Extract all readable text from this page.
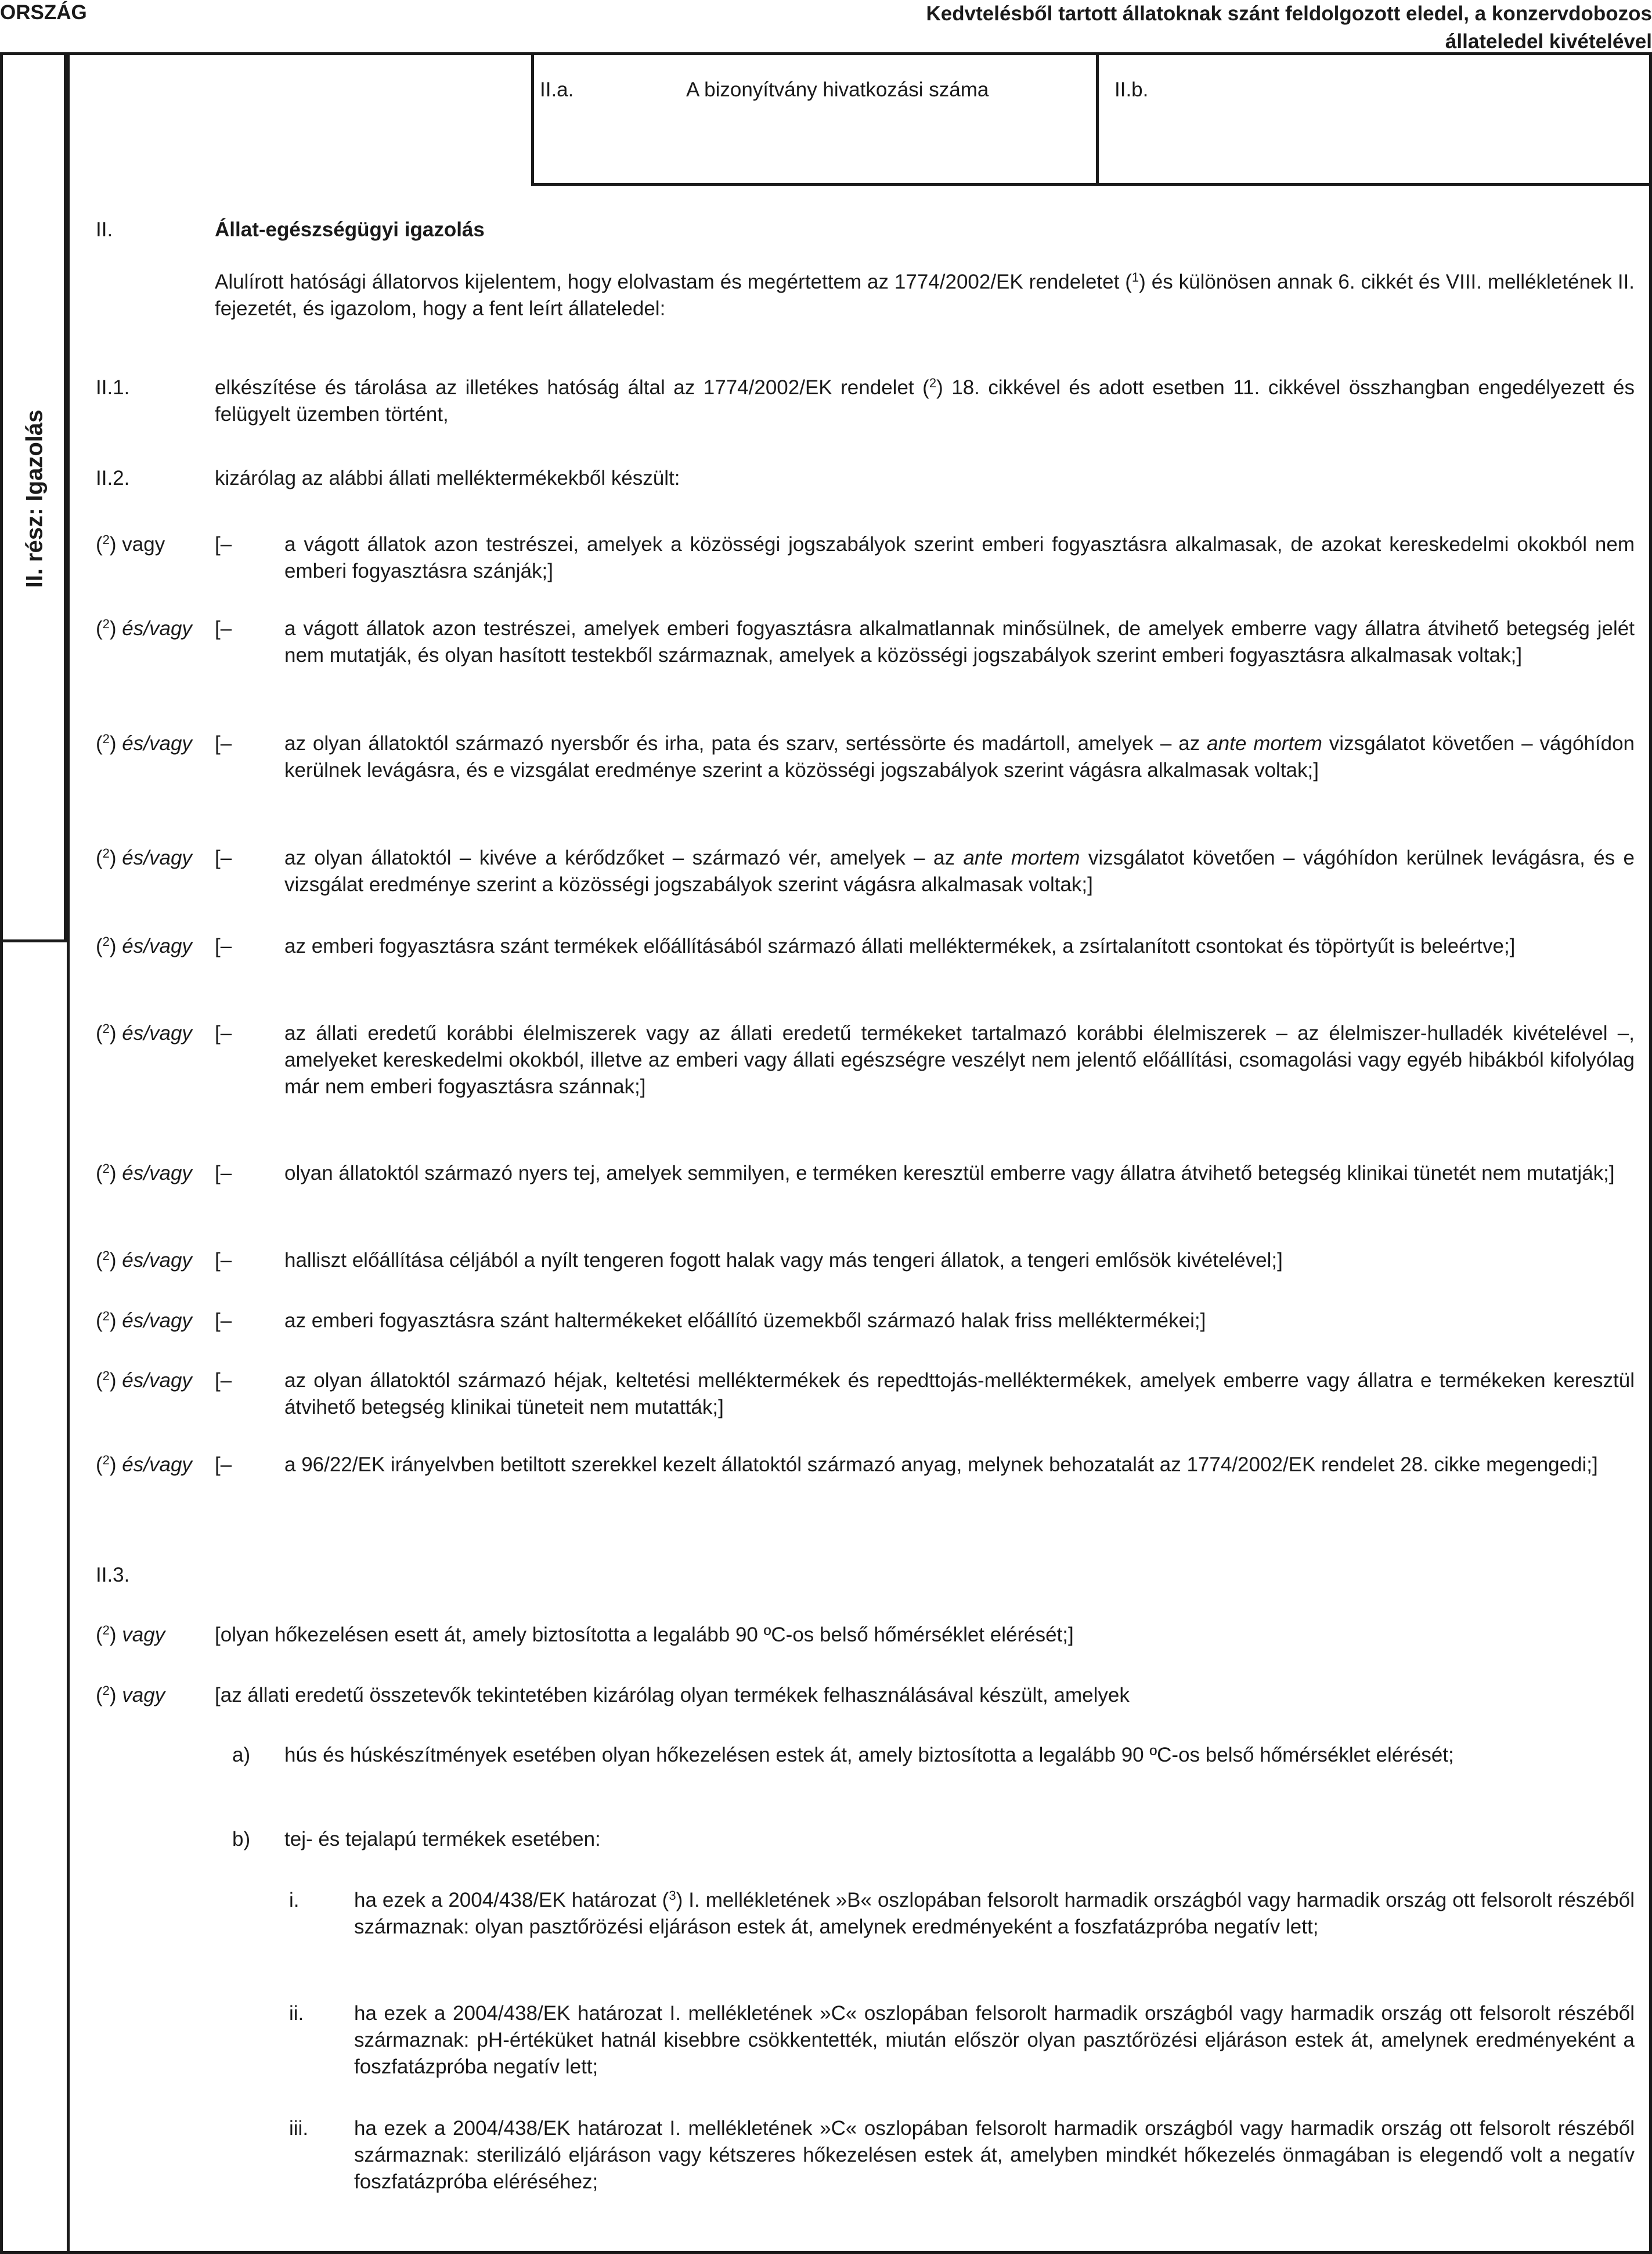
ORSZÁG	Kedvtelésből tartott állatoknak szánt feldolgozott eledel, a konzervdobozos
állateledel kivételével
II. rész: Igazolás
II.a.	A bizonyítvány hivatkozási száma	II.b.
II.	Állat-egészségügyi igazolás
Alulírott hatósági állatorvos kijelentem, hogy elolvastam és megértettem az 1774/2002/EK rendeletet ($^1$) és különösen annak 6. cikkét és VIII. mellékletének II. fejezetét, és igazolom, hogy a fent leírt állateledel:
II.1.	elkészítése és tárolása az illetékes hatóság által az 1774/2002/EK rendelet ($^2$) 18. cikkével és adott esetben 11. cikkével összhangban engedélyezett és felügyelt üzemben történt,
II.2.	kizárólag az alábbi állati melléktermékekből készült:
($^2$) vagy [–	a vágott állatok azon testrészei, amelyek a közösségi jogszabályok szerint emberi fogyasztásra alkalmasak, de azokat kereskedelmi okokból nem emberi fogyasztásra szánják;]
($^2$) és/vagy [–	a vágott állatok azon testrészei, amelyek emberi fogyasztásra alkalmatlannak minősülnek, de amelyek emberre vagy állatra átvihető betegség jelét nem mutatják, és olyan hasított testekből származnak, amelyek a közösségi jogszabályok szerint emberi fogyasztásra alkalmasak voltak;]
($^2$) és/vagy [–	az olyan állatoktól származó nyersbőr és irha, pata és szarv, sertéssörte és madártoll, amelyek – az ante mortem vizsgálatot követően – vágóhídon kerülnek levágásra, és e vizsgálat eredménye szerint a közösségi jogszabályok szerint vágásra alkalmasak voltak;]
($^2$) és/vagy [–	az olyan állatoktól – kivéve a kérődzőket – származó vér, amelyek – az ante mortem vizsgálatot követően – vágóhídon kerülnek levágásra, és e vizsgálat eredménye szerint a közösségi jogszabályok szerint vágásra alkalmasak voltak;]
($^2$) és/vagy [–	az emberi fogyasztásra szánt termékek előállításából származó állati melléktermékek, a zsírtalanított csontokat és töpörtyűt is beleértve;]
($^2$) és/vagy [–	az állati eredetű korábbi élelmiszerek vagy az állati eredetű termékeket tartalmazó korábbi élelmiszerek – az élelmiszer-hulladék kivételével –, amelyeket kereskedelmi okokból, illetve az emberi vagy állati egészségre veszélyt nem jelentő előállítási, csomagolási vagy egyéb hibákból kifolyólag már nem emberi fogyasztásra szánnak;]
($^2$) és/vagy [–	olyan állatoktól származó nyers tej, amelyek semmilyen, e terméken keresztül emberre vagy állatra átvihető betegség klinikai tünetét nem mutatják;]
($^2$) és/vagy [–	halliszt előállítása céljából a nyílt tengeren fogott halak vagy más tengeri állatok, a tengeri emlősök kivételével;]
($^2$) és/vagy [–	az emberi fogyasztásra szánt haltermékeket előállító üzemekből származó halak friss melléktermékei;]
($^2$) és/vagy [–	az olyan állatoktól származó héjak, keltetési melléktermékek és repedttojás-melléktermékek, amelyek emberre vagy állatra e termékeken keresztül átvihető betegség klinikai tüneteit nem mutatták;]
($^2$) és/vagy [–	a 96/22/EK irányelvben betiltott szerekkel kezelt állatoktól származó anyag, melynek behozatalát az 1774/2002/EK rendelet 28. cikke megengedi;]
II.3.
($^2$) vagy [olyan hőkezelésen esett át, amely biztosította a legalább 90 ºC-os belső hőmérséklet elérését;]
($^2$) vagy [az állati eredetű összetevők tekintetében kizárólag olyan termékek felhasználásával készült, amelyek
a) hús és húskészítmények esetében olyan hőkezelésen estek át, amely biztosította a legalább 90 ºC-os belső hőmérséklet elérését;
b) tej- és tejalapú termékek esetében:
i.	ha ezek a 2004/438/EK határozat ($^3$) I. mellékletének »B« oszlopában felsorolt harmadik országból vagy harmadik ország ott felsorolt részéből származnak: olyan pasztőrözési eljáráson estek át, amelynek eredményeként a foszfatázpróba negatív lett;
ii. ha ezek a 2004/438/EK határozat I. mellékletének »C« oszlopában felsorolt harmadik országból vagy harmadik ország ott felsorolt részéből származnak: pH-értéküket hatnál kisebbre csökkentették, miután először olyan pasztőrözési eljáráson estek át, amelynek eredményeként a foszfatázpróba negatív lett;
iii. ha ezek a 2004/438/EK határozat I. mellékletének »C« oszlopában felsorolt harmadik országból vagy harmadik ország ott felsorolt részéből származnak: sterilizáló eljáráson vagy kétszeres hőkezelésen estek át, amelyben mindkét hőkezelés önmagában is elegendő volt a negatív foszfatázpróba eléréséhez;
